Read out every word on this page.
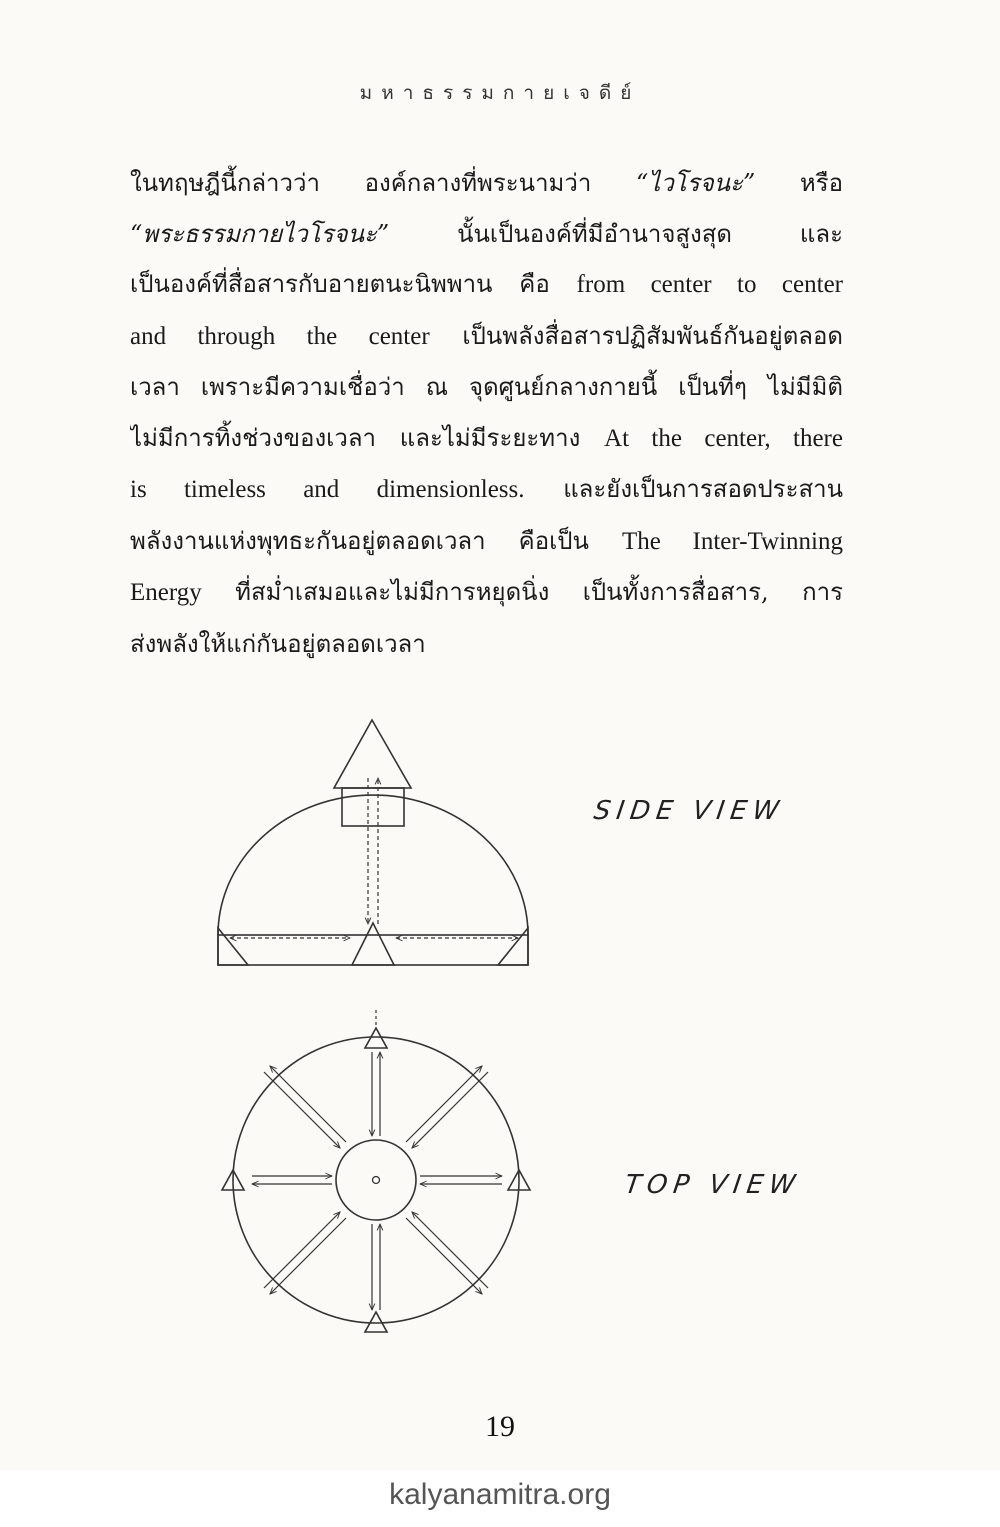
มหาธรรมกายเจดีย์
ในทฤษฎีนี้กล่าวว่า องค์กลางที่พระนามว่า “ไวโรจนะ” หรือ
“พระธรรมกายไวโรจนะ” นั้นเป็นองค์ที่มีอำนาจสูงสุด และ
เป็นองค์ที่สื่อสารกับอายตนะนิพพาน คือ from center to center
and through the center เป็นพลังสื่อสารปฏิสัมพันธ์กันอยู่ตลอด
เวลา เพราะมีความเชื่อว่า ณ จุดศูนย์กลางกายนี้ เป็นที่ๆ ไม่มีมิติ
ไม่มีการทิ้งช่วงของเวลา และไม่มีระยะทาง At the center, there
is timeless and dimensionless. และยังเป็นการสอดประสาน
พลังงานแห่งพุทธะกันอยู่ตลอดเวลา คือเป็น The Inter-Twinning
Energy ที่สม่ำเสมอและไม่มีการหยุดนิ่ง เป็นทั้งการสื่อสาร, การ
ส่งพลังให้แก่กันอยู่ตลอดเวลา
SIDE VIEW
TOP VIEW
19
kalyanamitra.org
